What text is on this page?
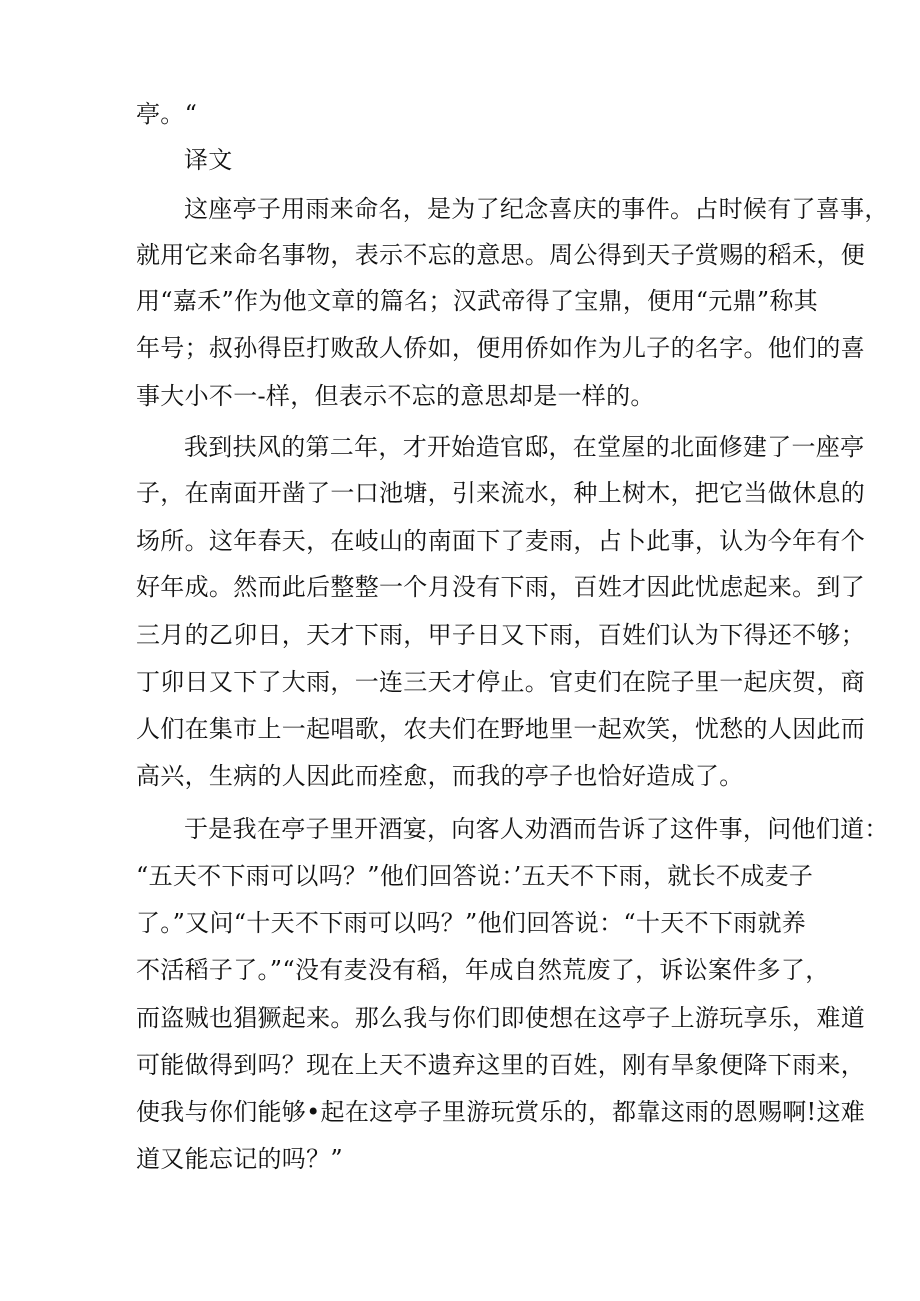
亭。“
译文
这座亭子用雨来命名，是为了纪念喜庆的事件。占时候有了喜事，
就用它来命名事物，表示不忘的意思。周公得到天子赏赐的稻禾，便
用“嘉禾”作为他文章的篇名；汉武帝得了宝鼎，便用“元鼎”称其
年号；叔孙得臣打败敌人侨如，便用侨如作为儿子的名字。他们的喜
事大小不一-样，但表示不忘的意思却是一样的。
我到扶风的第二年，才开始造官邸，在堂屋的北面修建了一座亭
子，在南面开凿了一口池塘，引来流水，种上树木，把它当做休息的
场所。这年春天，在岐山的南面下了麦雨，占卜此事，认为今年有个
好年成。然而此后整整一个月没有下雨，百姓才因此忧虑起来。到了
三月的乙卯日，天才下雨，甲子日又下雨，百姓们认为下得还不够；
丁卯日又下了大雨，一连三天才停止。官吏们在院子里一起庆贺，商
人们在集市上一起唱歌，农夫们在野地里一起欢笑，忧愁的人因此而
高兴，生病的人因此而痊愈，而我的亭子也恰好造成了。
于是我在亭子里开酒宴，向客人劝酒而告诉了这件事，问他们道：
“五天不下雨可以吗？”他们回答说：’五天不下雨，就长不成麦子
了。”又问“十天不下雨可以吗？”他们回答说：“十天不下雨就养
不活稻子了。”“没有麦没有稻，年成自然荒废了，诉讼案件多了，
而盗贼也猖獗起来。那么我与你们即使想在这亭子上游玩享乐，难道
可能做得到吗？现在上天不遗弃这里的百姓，刚有旱象便降下雨来，
使我与你们能够•起在这亭子里游玩赏乐的，都靠这雨的恩赐啊!这难
道又能忘记的吗？”
